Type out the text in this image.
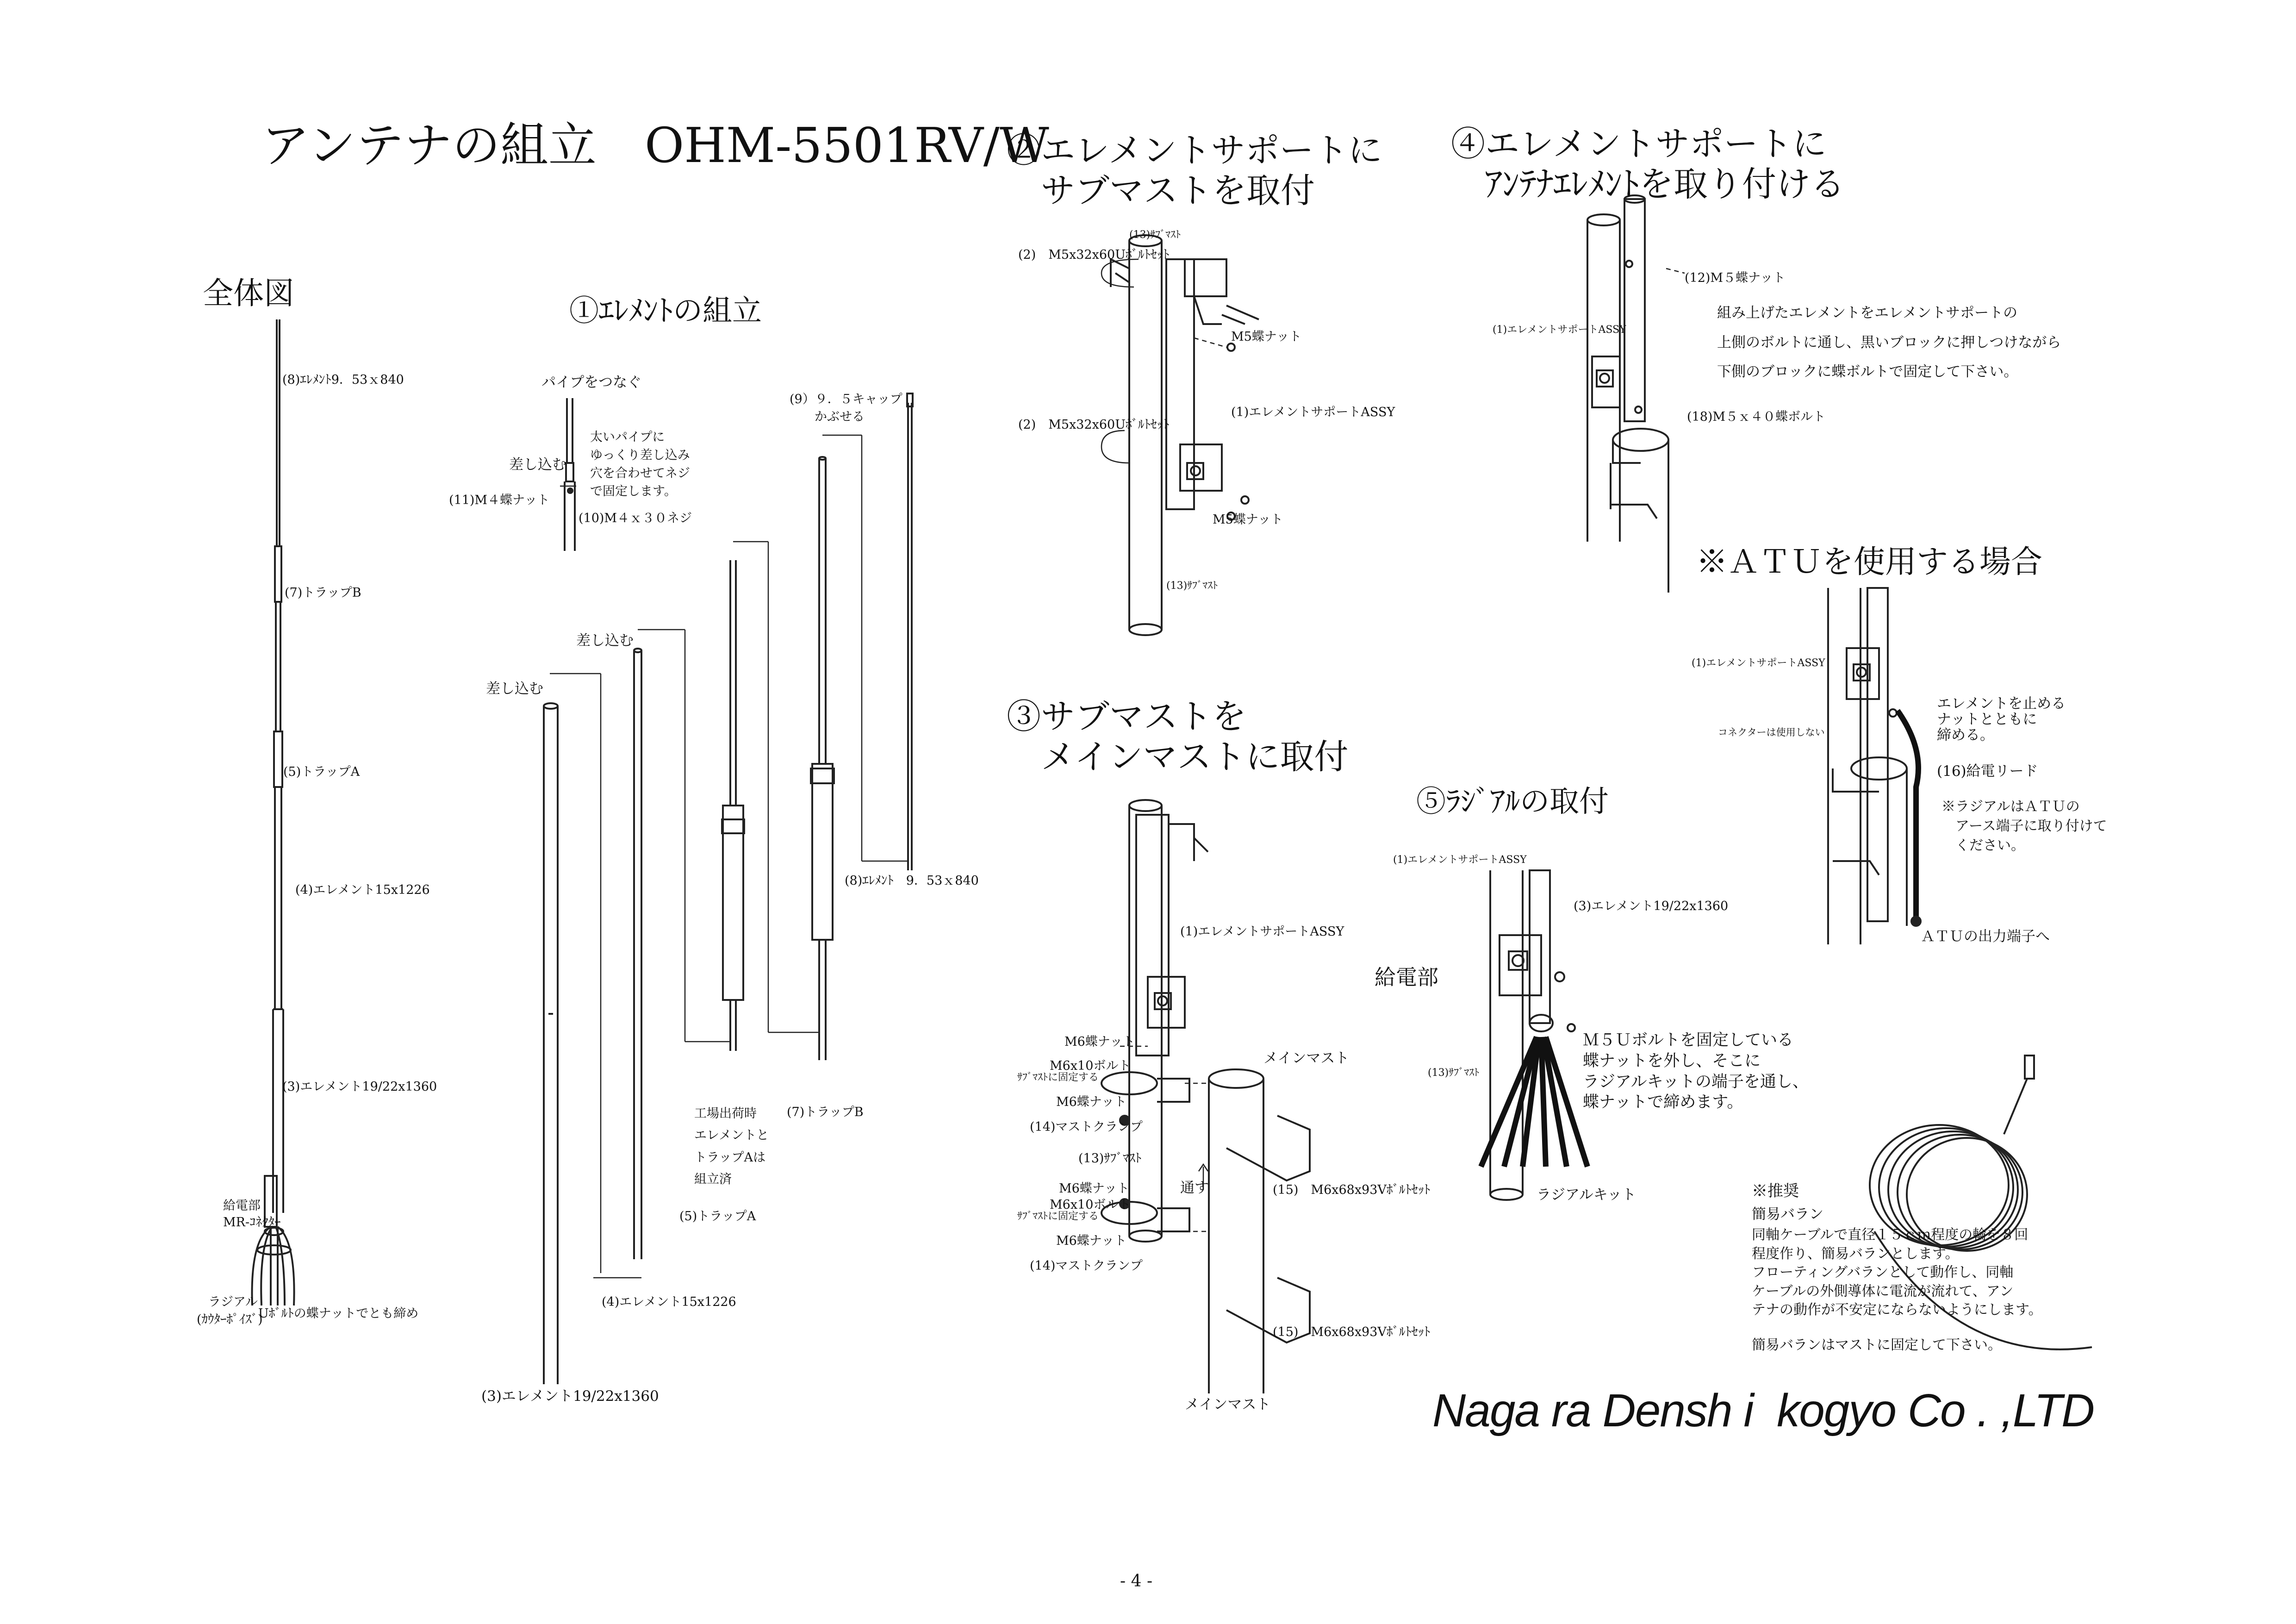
アンテナの組立　OHM-5501RV/W
全体図
(8)ｴﾚﾒﾝﾄ9．53ｘ840
(7)トラップB
(5)トラップA
(4)エレメント15x1226
(3)エレメント19/22x1360
給電部
MR-ｺﾈｸﾀｰ
ラジアル
(ｶｳﾀｰﾎﾟｲｽﾞ)
Uﾎﾞﾙﾄの蝶ナットでとも締め
①ｴﾚﾒﾝﾄの組立
パイプをつなぐ
差し込む
太いパイプに
ゆっくり差し込み
穴を合わせてネジ
で固定します。
(11)M４蝶ナット
(10)M４ｘ３０ネジ
(9）９．５キャップ
かぶせる
差し込む
差し込む
(8)ｴﾚﾒﾝﾄ　9．53ｘ840
(7)トラップB
工場出荷時
エレメントと
トラップAは
組立済
(5)トラップA
(4)エレメント15x1226
(3)エレメント19/22x1360
②エレメントサポートに
　サブマストを取付
(13)ｻﾌﾞﾏｽﾄ
(2)　M5x32x60Uﾎﾞﾙﾄｾｯﾄ
M5蝶ナット
(2)　M5x32x60Uﾎﾞﾙﾄｾｯﾄ
(1)エレメントサポートASSY
M5蝶ナット
(13)ｻﾌﾞﾏｽﾄ
③サブマストを
　メインマストに取付
(1)エレメントサポートASSY
M6蝶ナット
M6x10ボルト
ｻﾌﾞﾏｽﾄに固定する
M6蝶ナット
(14)マストクランプ
(13)ｻﾌﾞﾏｽﾄ
M6蝶ナット
M6x10ボルト
ｻﾌﾞﾏｽﾄに固定する
M6蝶ナット
(14)マストクランプ
通す
メインマスト
(15)　M6x68x93Vﾎﾞﾙﾄｾｯﾄ
(15)　M6x68x93Vﾎﾞﾙﾄｾｯﾄ
メインマスト
④エレメントサポートに
　ｱﾝﾃﾅｴﾚﾒﾝﾄを取り付ける
(12)M５蝶ナット
(1)エレメントサポートASSY
組み上げたエレメントをエレメントサポートの
上側のボルトに通し、黒いブロックに押しつけながら
下側のブロックに蝶ボルトで固定して下さい。
(18)M５ｘ４０蝶ボルト
※ＡＴＵを使用する場合
(1)エレメントサポートASSY
コネクターは使用しない
エレメントを止める
ナットとともに
締める。
(16)給電リード
※ラジアルはＡＴＵの
　アース端子に取り付けて
　ください。
ＡＴＵの出力端子へ
⑤ﾗｼﾞｱﾙの取付
(1)エレメントサポートASSY
(3)エレメント19/22x1360
給電部
(13)ｻﾌﾞﾏｽﾄ
Ｍ５Ｕボルトを固定している
蝶ナットを外し、そこに
ラジアルキットの端子を通し、
蝶ナットで締めます。
ラジアルキット	※推奨
簡易バラン
同軸ケーブルで直径１５ｃｍ程度の輪を８回
程度作り、簡易バランとします。
フローティングバランとして動作し、同軸
ケーブルの外側導体に電流が流れて、アン
テナの動作が不安定にならないようにします。
簡易バランはマストに固定して下さい。
Naga ra Densh i  kogyo Co . ,LTD
- 4 -
